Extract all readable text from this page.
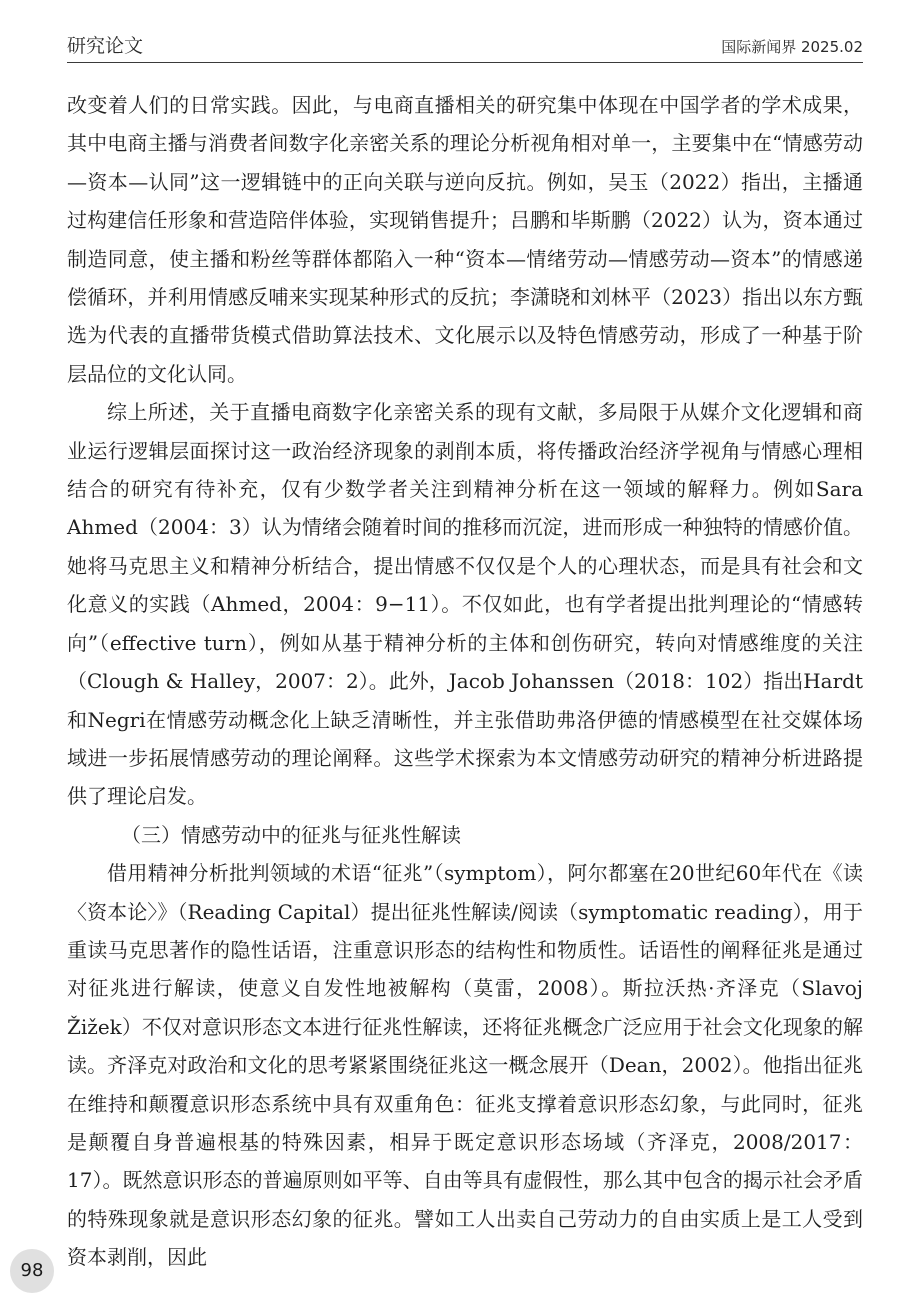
研究论文	国际新闻界 2025.02

改变着人们的日常实践。因此，与电商直播相关的研究集中体现在中国学者的学术成果，其中电商主播与消费者间数字化亲密关系的理论分析视角相对单一，主要集中在“情感劳动—资本—认同”这一逻辑链中的正向关联与逆向反抗。例如，吴玉（2022）指出，主播通过构建信任形象和营造陪伴体验，实现销售提升；吕鹏和毕斯鹏（2022）认为，资本通过制造同意，使主播和粉丝等群体都陷入一种“资本—情绪劳动—情感劳动—资本”的情感递偿循环，并利用情感反哺来实现某种形式的反抗；李潇晓和刘林平（2023）指出以东方甄选为代表的直播带货模式借助算法技术、文化展示以及特色情感劳动，形成了一种基于阶层品位的文化认同。

综上所述，关于直播电商数字化亲密关系的现有文献，多局限于从媒介文化逻辑和商业运行逻辑层面探讨这一政治经济现象的剥削本质，将传播政治经济学视角与情感心理相结合的研究有待补充，仅有少数学者关注到精神分析在这一领域的解释力。例如Sara Ahmed（2004：3）认为情绪会随着时间的推移而沉淀，进而形成一种独特的情感价值。她将马克思主义和精神分析结合，提出情感不仅仅是个人的心理状态，而是具有社会和文化意义的实践（Ahmed，2004：9−11）。不仅如此，也有学者提出批判理论的“情感转向”（effective turn），例如从基于精神分析的主体和创伤研究，转向对情感维度的关注（Clough & Halley，2007：2）。此外，Jacob Johanssen（2018：102）指出Hardt和Negri在情感劳动概念化上缺乏清晰性，并主张借助弗洛伊德的情感模型在社交媒体场域进一步拓展情感劳动的理论阐释。这些学术探索为本文情感劳动研究的精神分析进路提供了理论启发。

（三）情感劳动中的征兆与征兆性解读

借用精神分析批判领域的术语“征兆”（symptom），阿尔都塞在20世纪60年代在《读〈资本论〉》（Reading Capital）提出征兆性解读/阅读（symptomatic reading），用于重读马克思著作的隐性话语，注重意识形态的结构性和物质性。话语性的阐释征兆是通过对征兆进行解读，使意义自发性地被解构（莫雷，2008）。斯拉沃热·齐泽克（Slavoj Žižek）不仅对意识形态文本进行征兆性解读，还将征兆概念广泛应用于社会文化现象的解读。齐泽克对政治和文化的思考紧紧围绕征兆这一概念展开（Dean，2002）。他指出征兆在维持和颠覆意识形态系统中具有双重角色：征兆支撑着意识形态幻象，与此同时，征兆是颠覆自身普遍根基的特殊因素，相异于既定意识形态场域（齐泽克，2008/2017：17）。既然意识形态的普遍原则如平等、自由等具有虚假性，那么其中包含的揭示社会矛盾的特殊现象就是意识形态幻象的征兆。譬如工人出卖自己劳动力的自由实质上是工人受到资本剥削，因此

98
